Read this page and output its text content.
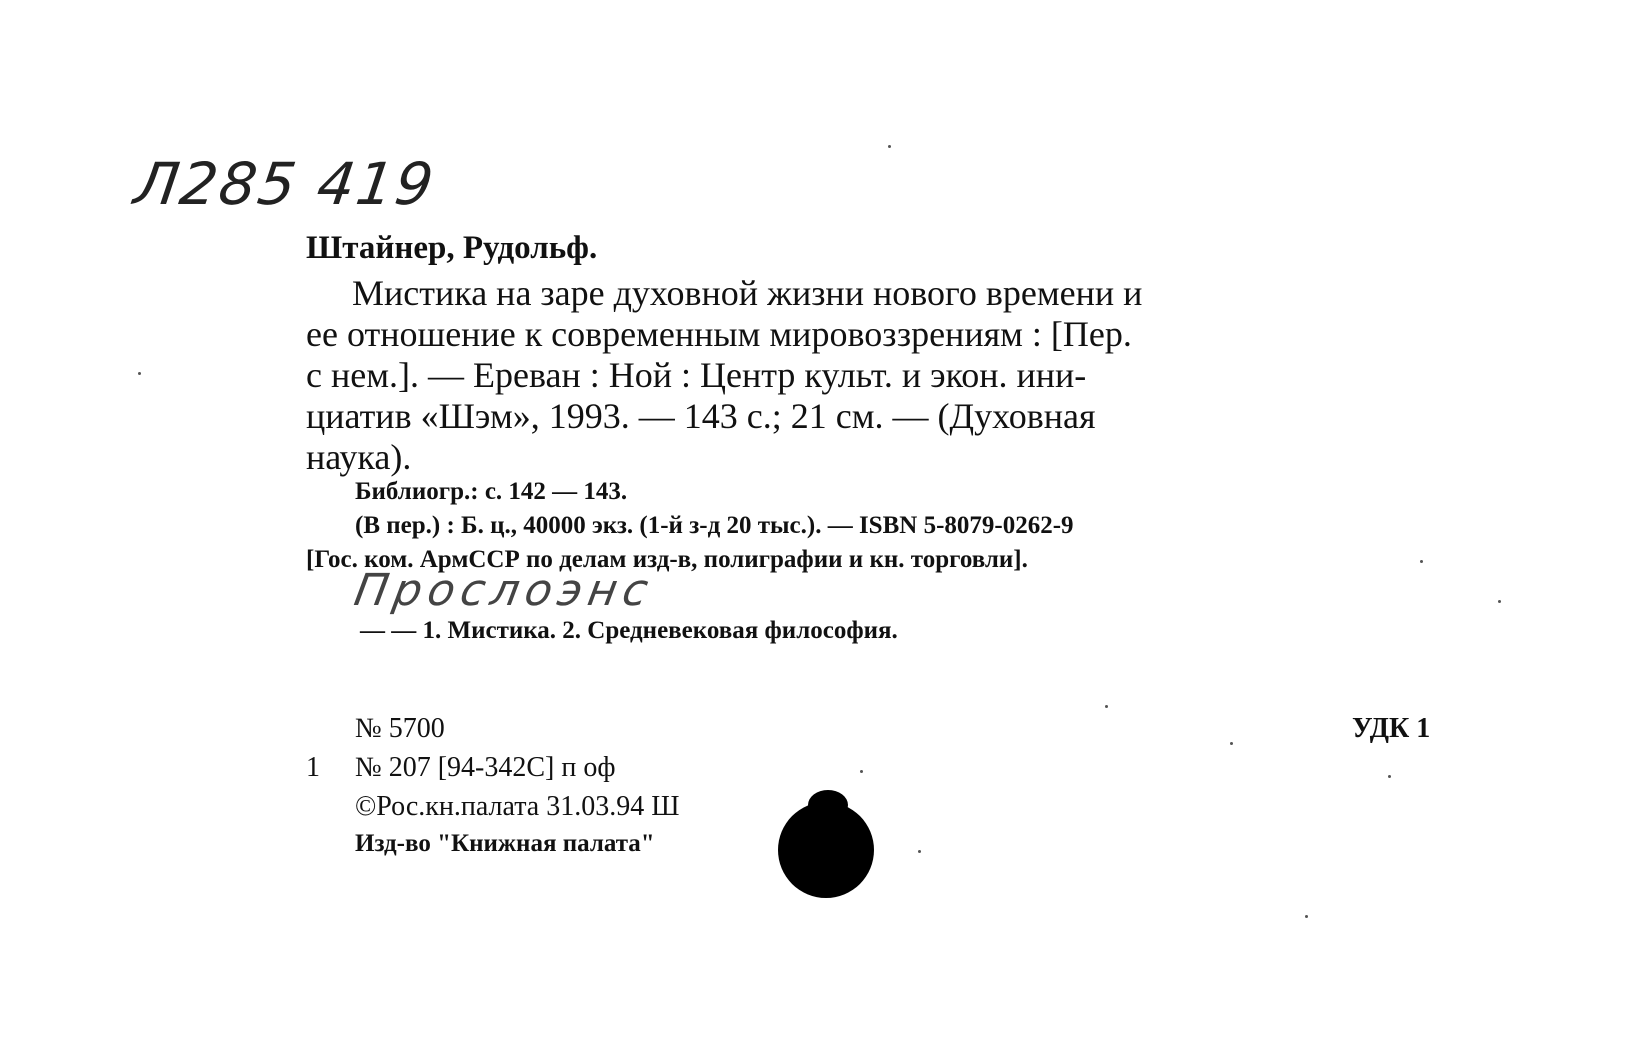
Л285 419
Штайнер, Рудольф.
Мистика на заре духовной жизни нового времени и
ее отношение к современным мировоззрениям : [Пер.
с нем.]. — Ереван : Ной : Центр культ. и экон. ини-
циатив «Шэм», 1993. — 143 с.; 21 см. — (Духовная
наука).
Библиогр.: с. 142 — 143.
(В пер.) : Б. ц., 40000 экз. (1-й з-д 20 тыс.). — ISBN 5-8079-0262-9
[Гос. ком. АрмССР по делам изд-в, полиграфии и кн. торговли].
Прослоэнс
— — 1. Мистика. 2. Средневековая философия.
№ 5700	УДК 1
1 № 207 [94-342С] п оф
©Рос.кн.палата 31.03.94 Ш
Изд-во "Книжная палата"
